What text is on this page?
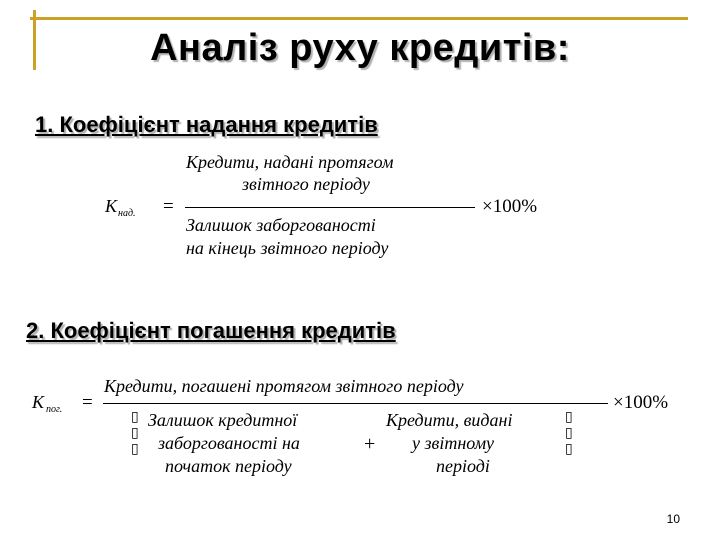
Аналіз руху кредитів:
1. Коефіцієнт надання кредитів
К над. =
Кредити, надані протягом
звітного періоду
Залишок заборгованості
на кінець звітного періоду
×100%
2. Коефіцієнт погашення кредитів
К пог. =
Кредити, погашені протягом звітного періоду
▯
▯
▯
Залишок кредитної
заборгованості на
початок періоду
+
Кредити, видані
у звітному
періоді
▯
▯
▯
×100%
10
